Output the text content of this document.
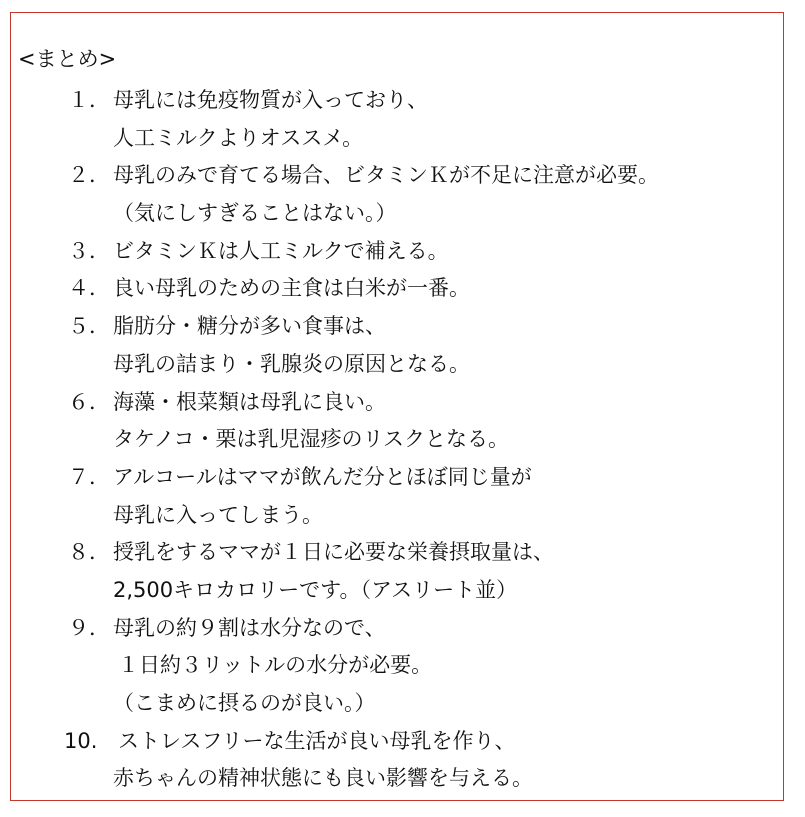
<まとめ>
１． 母乳には免疫物質が入っており、
人工ミルクよりオススメ。
２． 母乳のみで育てる場合、ビタミンＫが不足に注意が必要。
（気にしすぎることはない。）
３． ビタミンＫは人工ミルクで補える。
４． 良い母乳のための主食は白米が一番。
５． 脂肪分・糖分が多い食事は、
母乳の詰まり・乳腺炎の原因となる。
６． 海藻・根菜類は母乳に良い。
タケノコ・栗は乳児湿疹のリスクとなる。
７． アルコールはママが飲んだ分とほぼ同じ量が
母乳に入ってしまう。
８． 授乳をするママが１日に必要な栄養摂取量は、
2,500キロカロリーです。（アスリート並）
９． 母乳の約９割は水分なので、
１日約３リットルの水分が必要。
（こまめに摂るのが良い。）
10. ストレスフリーな生活が良い母乳を作り、
赤ちゃんの精神状態にも良い影響を与える。
